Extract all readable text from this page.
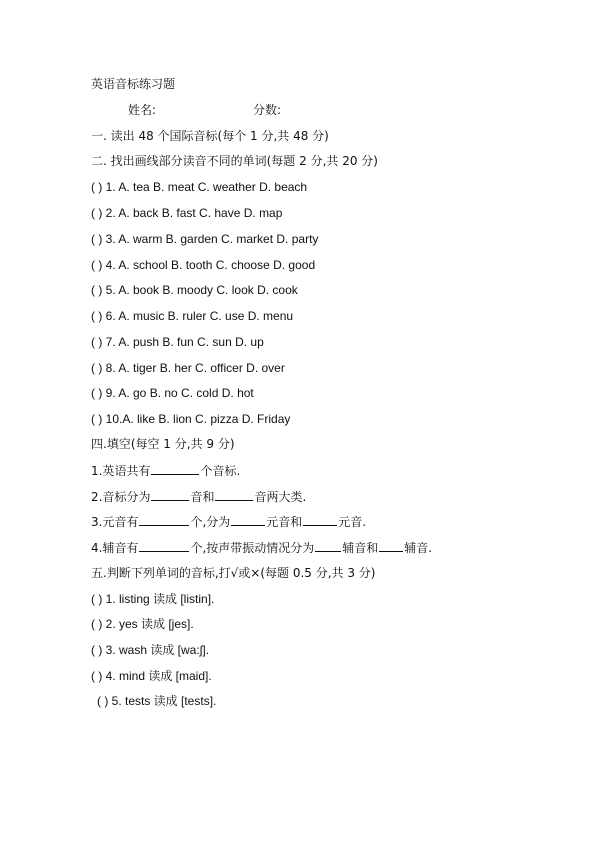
英语音标练习题
姓名:	分数:
一. 读出 48 个国际音标(每个 1 分,共 48 分)
二. 找出画线部分读音不同的单词(每题 2 分,共 20 分)
( ) 1. A. tea B. meat C. weather D. beach
( ) 2. A. back B. fast C. have D. map
( ) 3. A. warm B. garden C. market D. party
( ) 4. A. school B. tooth C. choose D. good
( ) 5. A. book B. moody C. look D. cook
( ) 6. A. music B. ruler C. use D. menu
( ) 7. A. push B. fun C. sun D. up
( ) 8. A. tiger B. her C. officer D. over
( ) 9. A. go B. no C. cold D. hot
( ) 10.A. like B. lion C. pizza D. Friday
四.填空(每空 1 分,共 9 分)
1.英语共有	个音标.
2.音标分为	音和	音两大类.
3.元音有	个,分为	元音和	元音.
4.辅音有	个,按声带振动情况分为 辅音和 辅音.
五.判断下列单词的音标,打√或×(每题 0.5 分,共 3 分)
( ) 1. listing 读成 [listin].
( ) 2. yes 读成 [jes].
( ) 3. wash 读成 [wa:ʃ].
( ) 4. mind 读成 [maid].
( ) 5. tests 读成 [tests].
